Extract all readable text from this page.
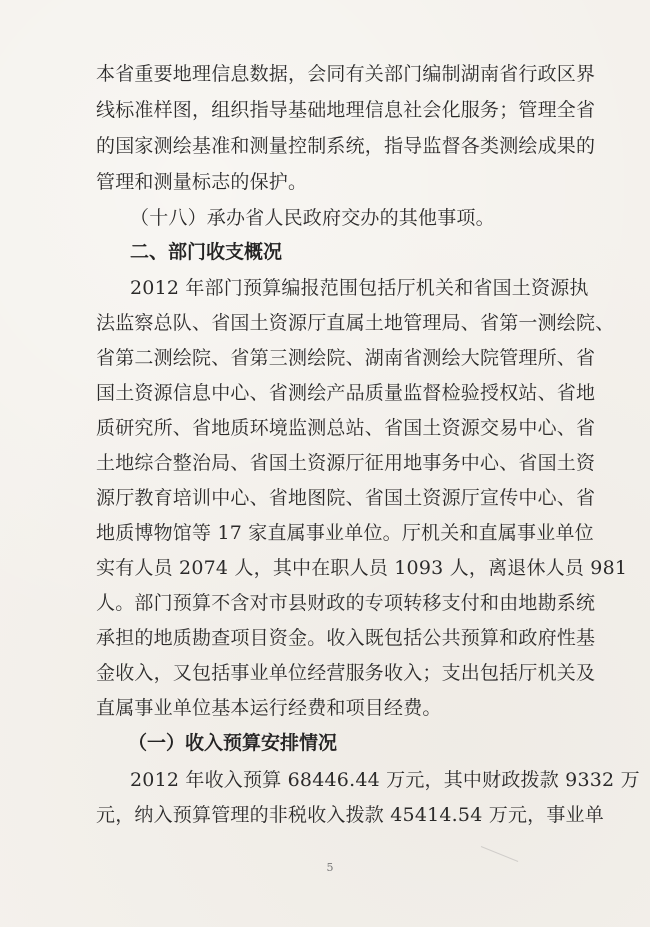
本省重要地理信息数据，会同有关部门编制湖南省行政区界
线标准样图，组织指导基础地理信息社会化服务；管理全省
的国家测绘基准和测量控制系统，指导监督各类测绘成果的
管理和测量标志的保护。
（十八）承办省人民政府交办的其他事项。
二、部门收支概况
2012 年部门预算编报范围包括厅机关和省国土资源执
法监察总队、省国土资源厅直属土地管理局、省第一测绘院、
省第二测绘院、省第三测绘院、湖南省测绘大院管理所、省
国土资源信息中心、省测绘产品质量监督检验授权站、省地
质研究所、省地质环境监测总站、省国土资源交易中心、省
土地综合整治局、省国土资源厅征用地事务中心、省国土资
源厅教育培训中心、省地图院、省国土资源厅宣传中心、省
地质博物馆等 17 家直属事业单位。厅机关和直属事业单位
实有人员 2074 人，其中在职人员 1093 人，离退休人员 981
人。部门预算不含对市县财政的专项转移支付和由地勘系统
承担的地质勘查项目资金。收入既包括公共预算和政府性基
金收入，又包括事业单位经营服务收入；支出包括厅机关及
直属事业单位基本运行经费和项目经费。
（一）收入预算安排情况
2012 年收入预算 68446.44 万元，其中财政拨款 9332 万
元，纳入预算管理的非税收入拨款 45414.54 万元，事业单
5
